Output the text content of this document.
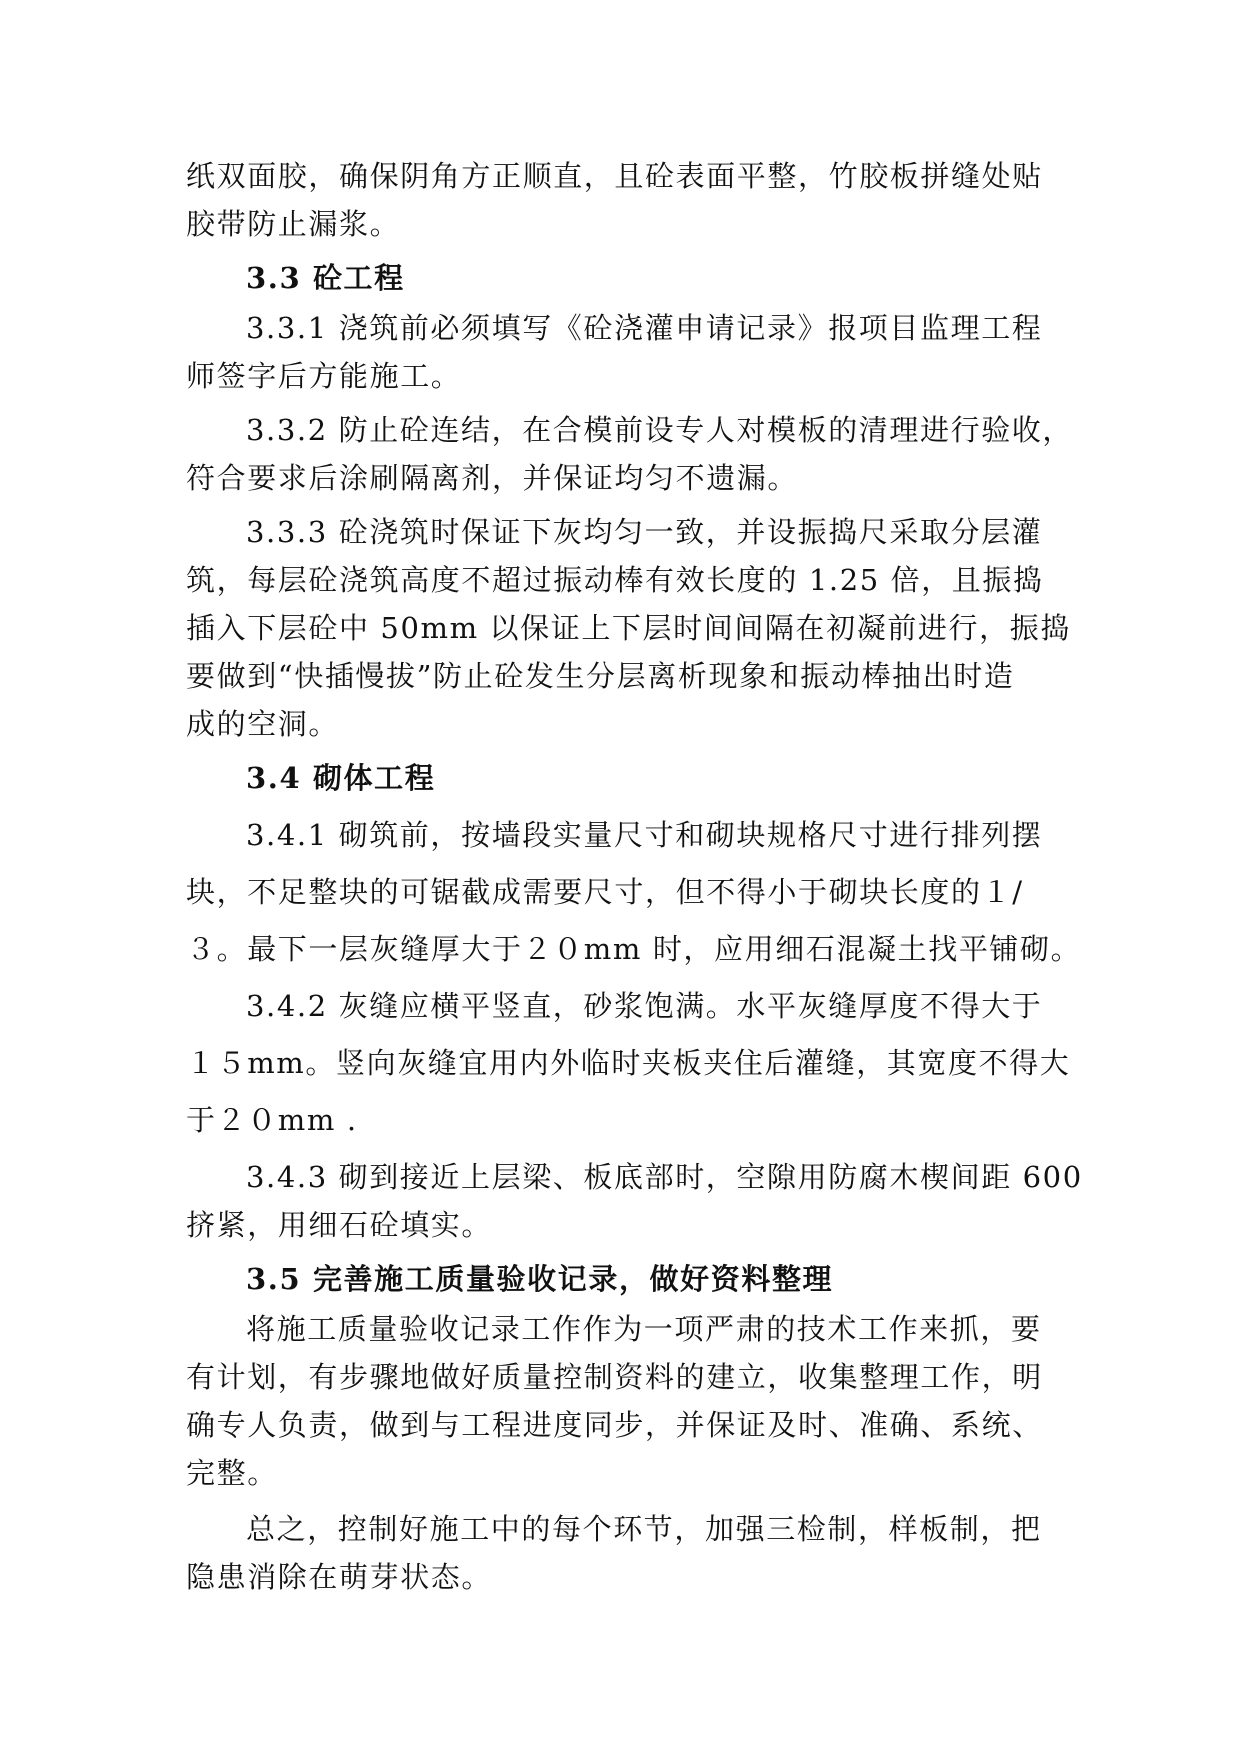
纸双面胶，确保阴角方正顺直，且砼表面平整，竹胶板拼缝处贴
胶带防止漏浆。
3.3 砼工程
3.3.1 浇筑前必须填写《砼浇灌申请记录》报项目监理工程
师签字后方能施工。
3.3.2 防止砼连结，在合模前设专人对模板的清理进行验收，
符合要求后涂刷隔离剂，并保证均匀不遗漏。
3.3.3 砼浇筑时保证下灰均匀一致，并设振捣尺采取分层灌
筑，每层砼浇筑高度不超过振动棒有效长度的 1.25 倍，且振捣
插入下层砼中 50mm 以保证上下层时间间隔在初凝前进行，振捣
要做到“快插慢拔”防止砼发生分层离析现象和振动棒抽出时造
成的空洞。
3.4 砌体工程
3.4.1 砌筑前，按墙段实量尺寸和砌块规格尺寸进行排列摆
块，不足整块的可锯截成需要尺寸，但不得小于砌块长度的１/
３。最下一层灰缝厚大于２０mm 时，应用细石混凝土找平铺砌。
3.4.2 灰缝应横平竖直，砂浆饱满。水平灰缝厚度不得大于
１５mm。竖向灰缝宜用内外临时夹板夹住后灌缝，其宽度不得大
于２０mm .
3.4.3 砌到接近上层梁、板底部时，空隙用防腐木楔间距 600
挤紧，用细石砼填实。
3.5 完善施工质量验收记录，做好资料整理
将施工质量验收记录工作作为一项严肃的技术工作来抓，要
有计划，有步骤地做好质量控制资料的建立，收集整理工作，明
确专人负责，做到与工程进度同步，并保证及时、准确、系统、
完整。
总之，控制好施工中的每个环节，加强三检制，样板制，把
隐患消除在萌芽状态。
